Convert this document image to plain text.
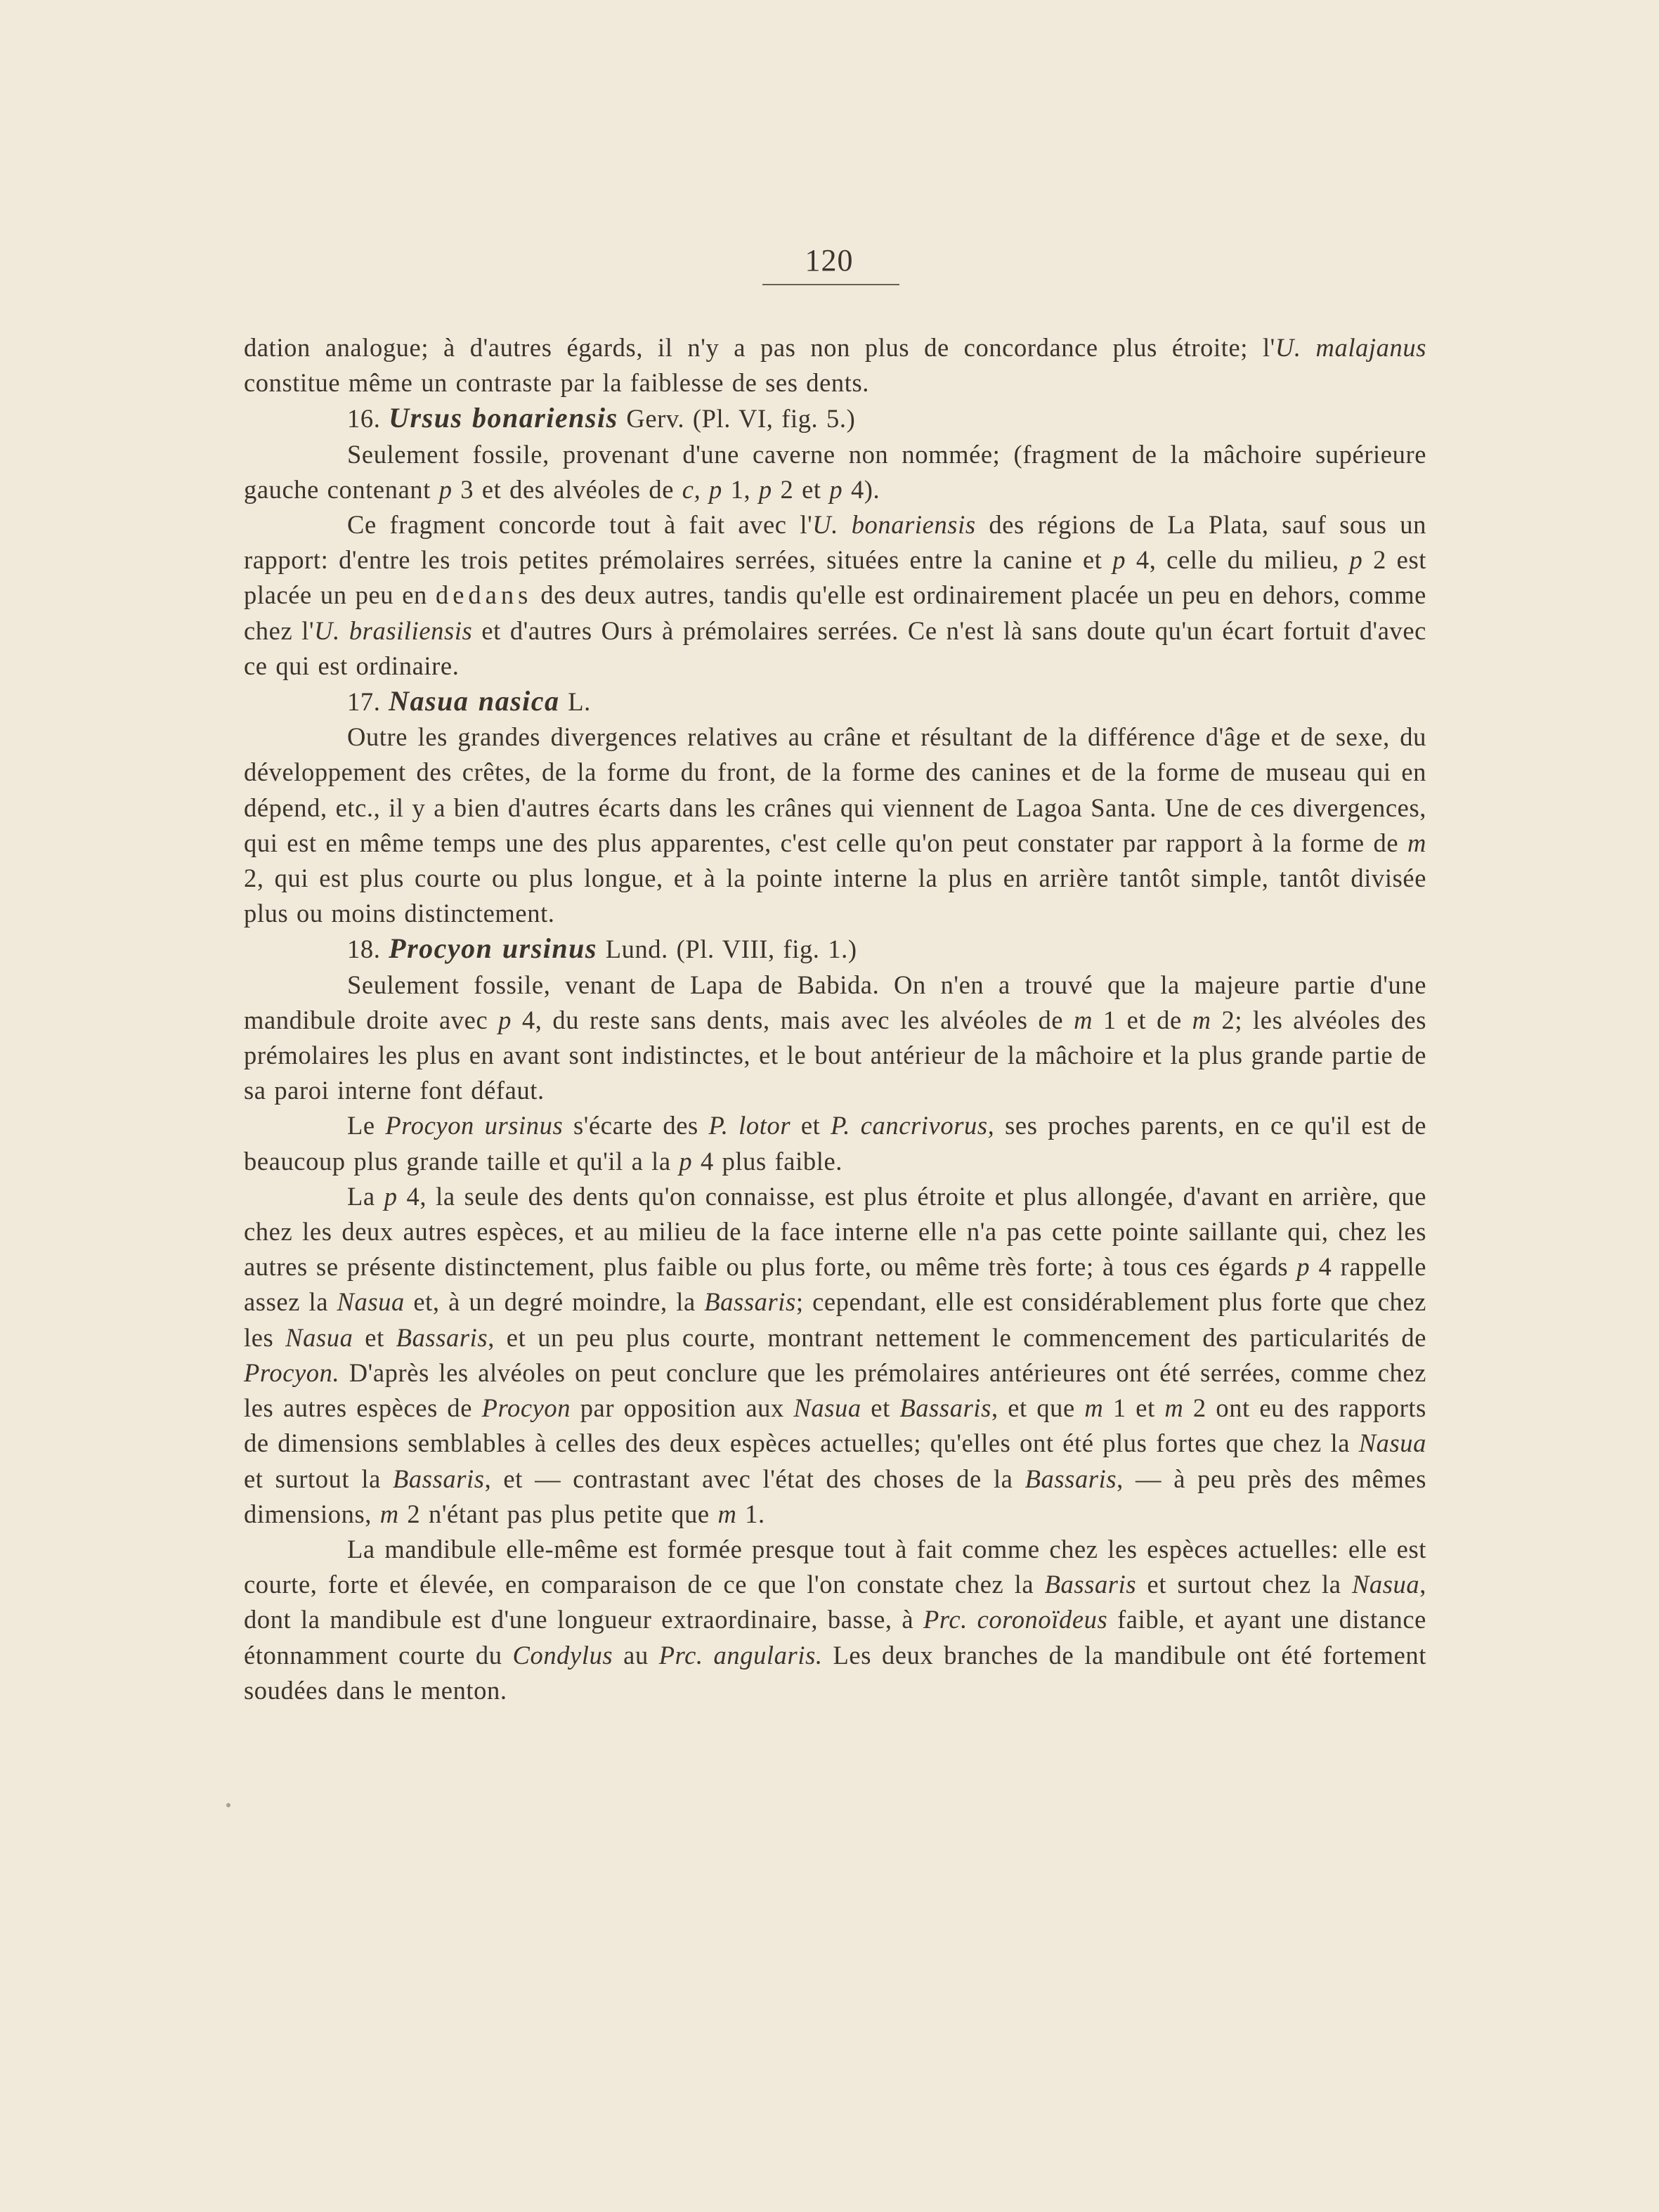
120

dation analogue; à d'autres égards, il n'y a pas non plus de concordance plus étroite; l'U. malajanus constitue même un contraste par la faiblesse de ses dents.

16. Ursus bonariensis Gerv. (Pl. VI, fig. 5.)

Seulement fossile, provenant d'une caverne non nommée; (fragment de la mâchoire supérieure gauche contenant p 3 et des alvéoles de c, p 1, p 2 et p 4).

Ce fragment concorde tout à fait avec l'U. bonariensis des régions de La Plata, sauf sous un rapport: d'entre les trois petites prémolaires serrées, situées entre la canine et p 4, celle du milieu, p 2 est placée un peu en dedans des deux autres, tandis qu'elle est ordinairement placée un peu en dehors, comme chez l'U. brasiliensis et d'autres Ours à prémolaires serrées. Ce n'est là sans doute qu'un écart fortuit d'avec ce qui est ordinaire.

17. Nasua nasica L.

Outre les grandes divergences relatives au crâne et résultant de la différence d'âge et de sexe, du développement des crêtes, de la forme du front, de la forme des canines et de la forme de museau qui en dépend, etc., il y a bien d'autres écarts dans les crânes qui viennent de Lagoa Santa. Une de ces divergences, qui est en même temps une des plus apparentes, c'est celle qu'on peut constater par rapport à la forme de m 2, qui est plus courte ou plus longue, et à la pointe interne la plus en arrière tantôt simple, tantôt divisée plus ou moins distinctement.

18. Procyon ursinus Lund. (Pl. VIII, fig. 1.)

Seulement fossile, venant de Lapa de Babida. On n'en a trouvé que la majeure partie d'une mandibule droite avec p 4, du reste sans dents, mais avec les alvéoles de m 1 et de m 2; les alvéoles des prémolaires les plus en avant sont indistinctes, et le bout antérieur de la mâchoire et la plus grande partie de sa paroi interne font défaut.

Le Procyon ursinus s'écarte des P. lotor et P. cancrivorus, ses proches parents, en ce qu'il est de beaucoup plus grande taille et qu'il a la p 4 plus faible.

La p 4, la seule des dents qu'on connaisse, est plus étroite et plus allongée, d'avant en arrière, que chez les deux autres espèces, et au milieu de la face interne elle n'a pas cette pointe saillante qui, chez les autres se présente distinctement, plus faible ou plus forte, ou même très forte; à tous ces égards p 4 rappelle assez la Nasua et, à un degré moindre, la Bassaris; cependant, elle est considérablement plus forte que chez les Nasua et Bassaris, et un peu plus courte, montrant nettement le commencement des particularités de Procyon. D'après les alvéoles on peut conclure que les prémolaires antérieures ont été serrées, comme chez les autres espèces de Procyon par opposition aux Nasua et Bassaris, et que m 1 et m 2 ont eu des rapports de dimensions semblables à celles des deux espèces actuelles; qu'elles ont été plus fortes que chez la Nasua et surtout la Bassaris, et — contrastant avec l'état des choses de la Bassaris, — à peu près des mêmes dimensions, m 2 n'étant pas plus petite que m 1.

La mandibule elle-même est formée presque tout à fait comme chez les espèces actuelles: elle est courte, forte et élevée, en comparaison de ce que l'on constate chez la Bassaris et surtout chez la Nasua, dont la mandibule est d'une longueur extraordinaire, basse, à Prc. coronoïdeus faible, et ayant une distance étonnamment courte du Condylus au Prc. angularis. Les deux branches de la mandibule ont été fortement soudées dans le menton.
